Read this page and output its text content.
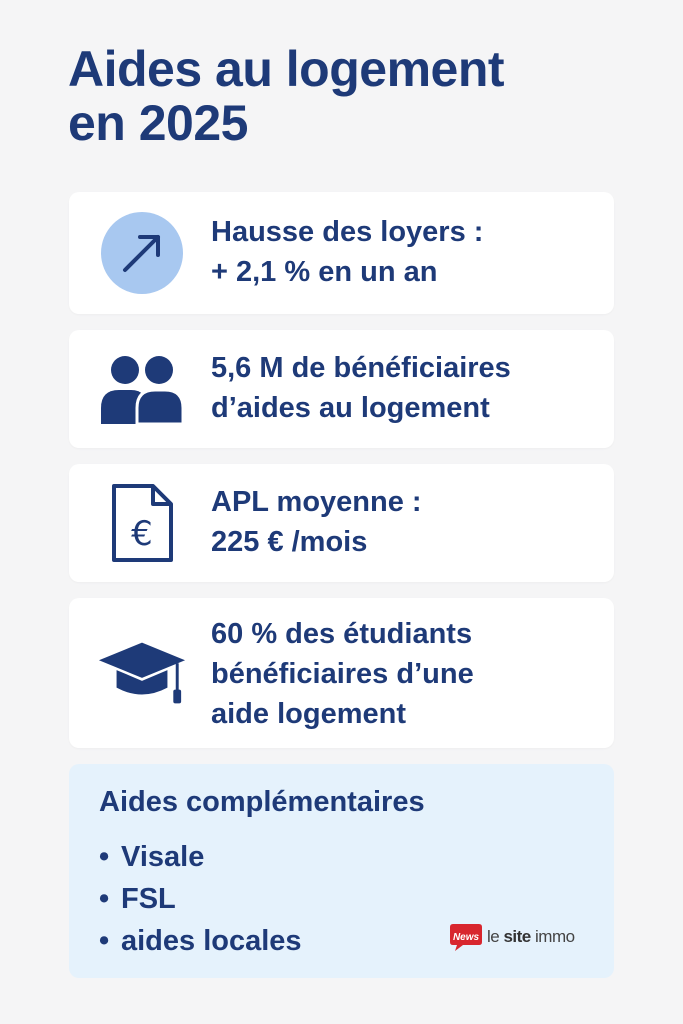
Aides au logement
en 2025
Hausse des loyers :
+ 2,1 % en un an
5,6 M de bénéficiaires
d’aides au logement
€
APL moyenne :
225 € /mois
60 % des étudiants
bénéficiaires d’une
aide logement
Aides complémentaires
• Visale
• FSL
• aides locales	News le site immo
